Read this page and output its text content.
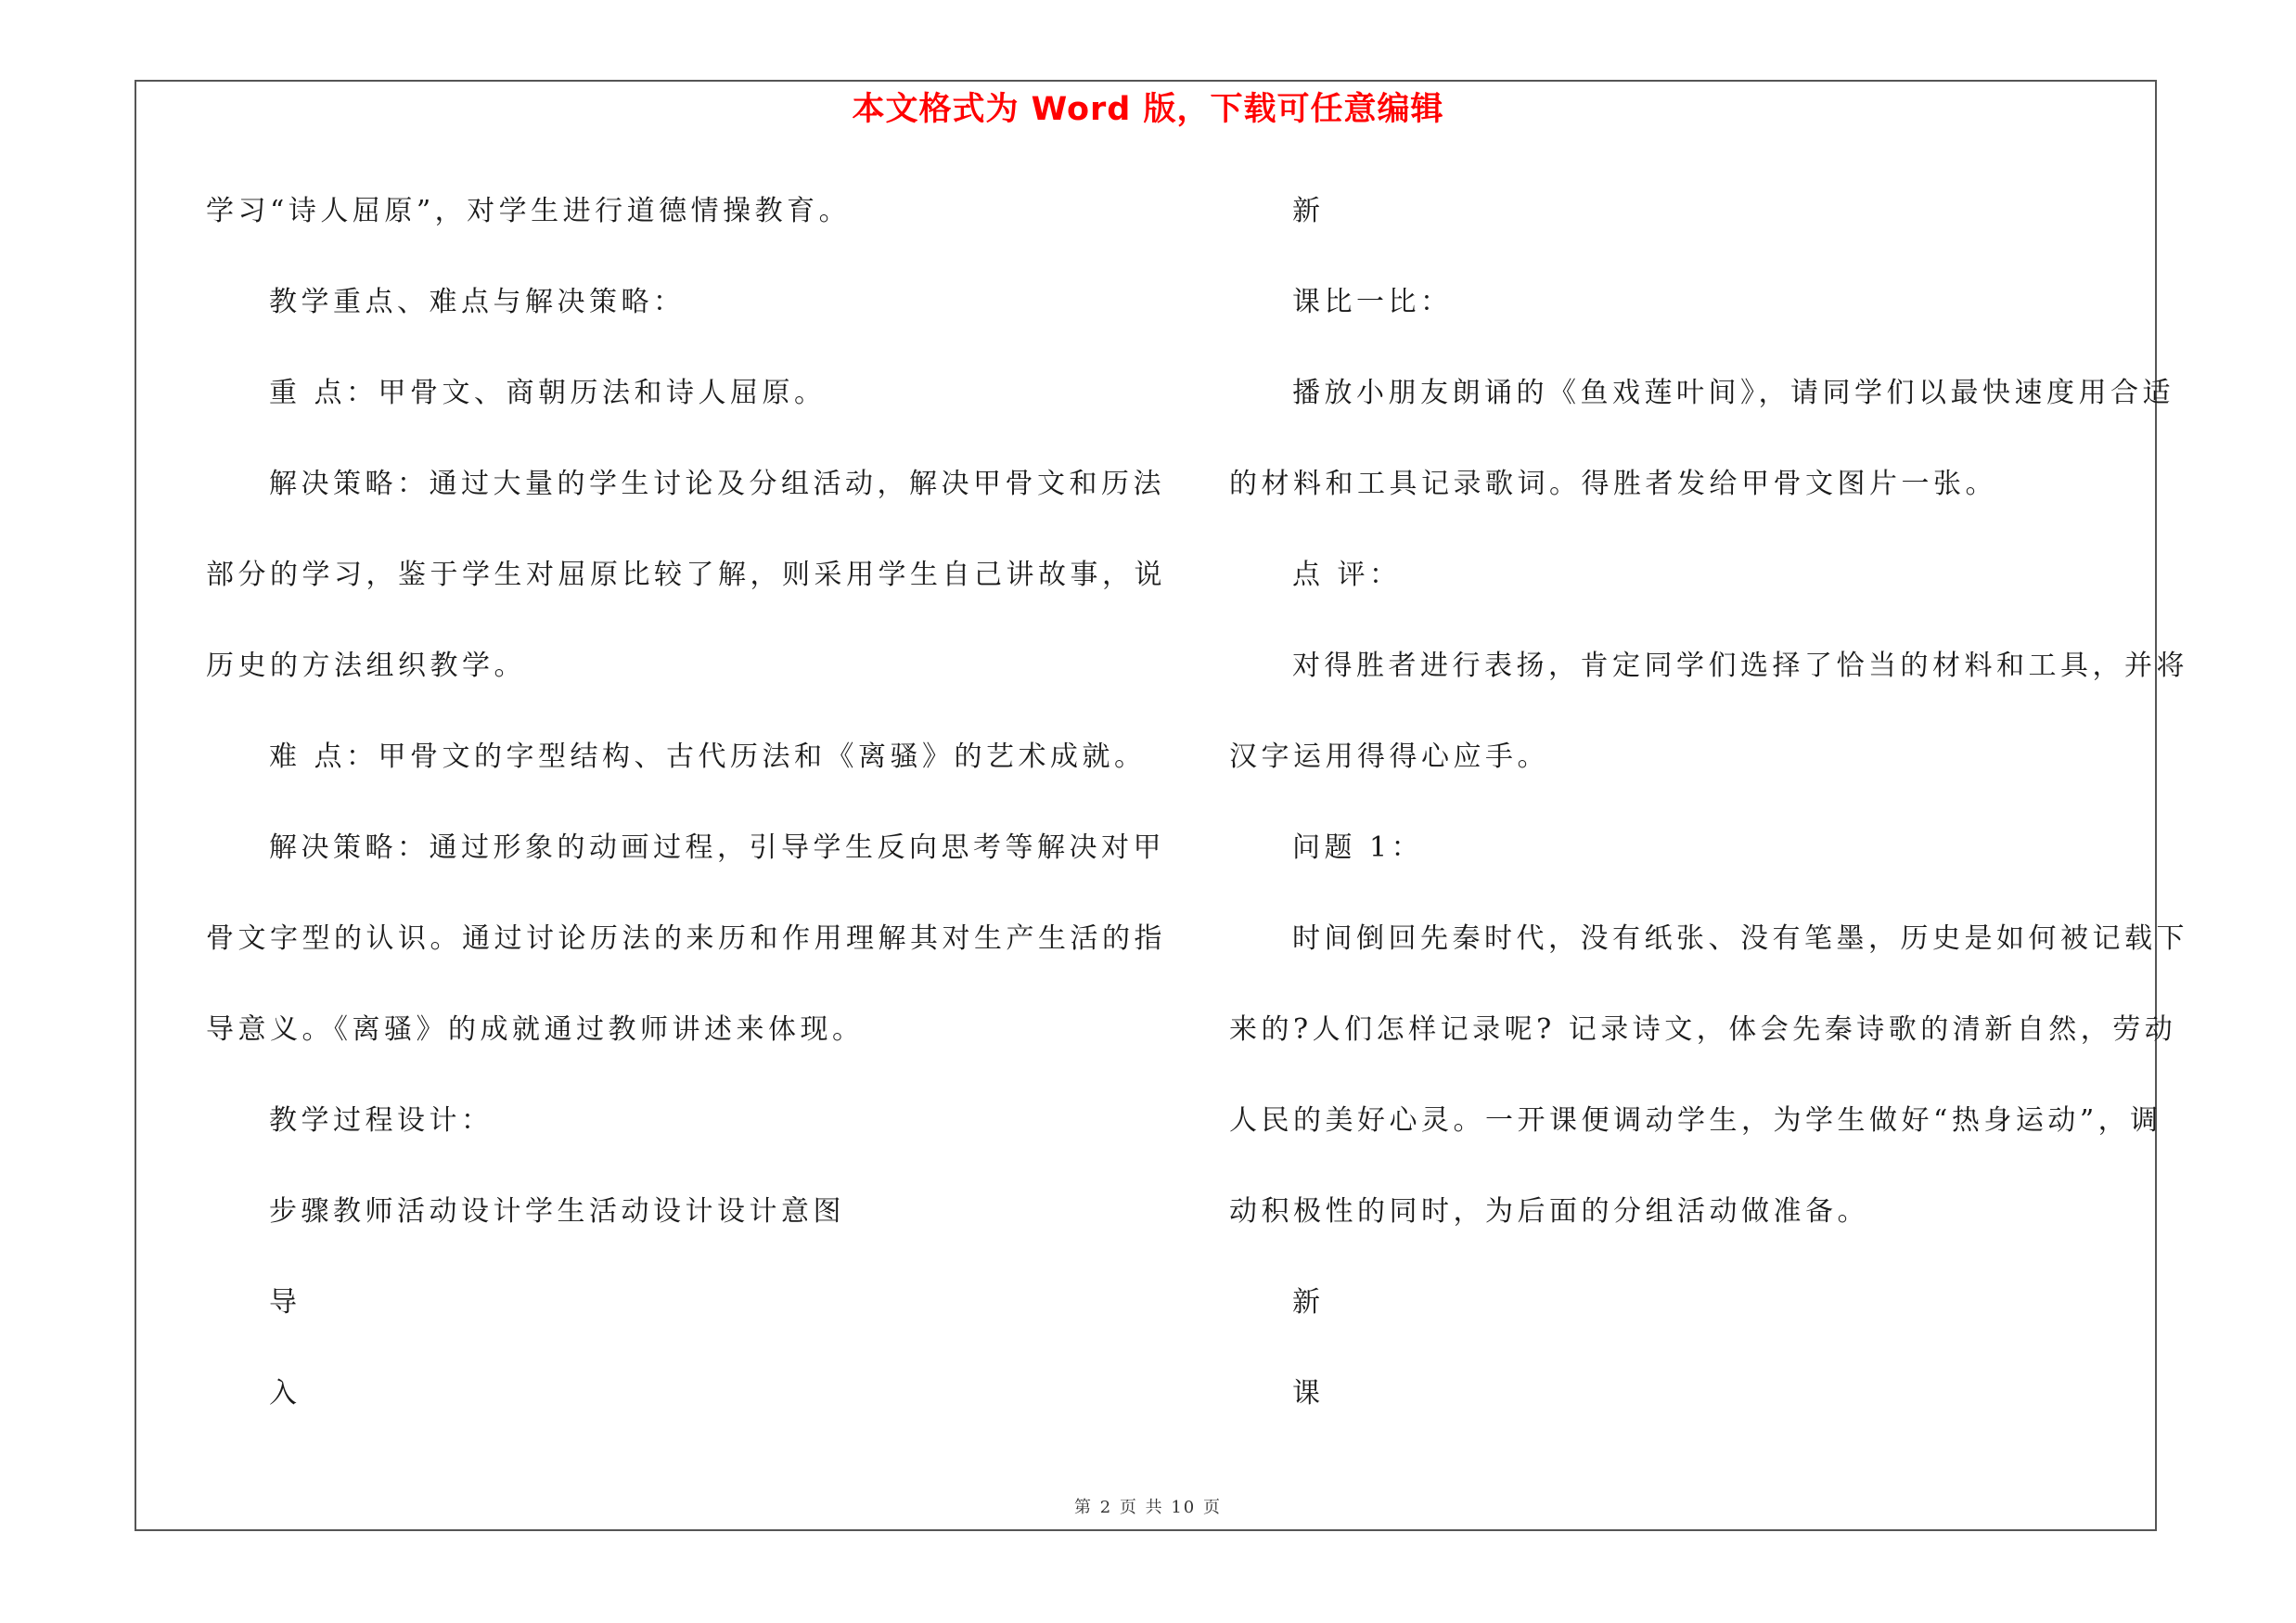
本文格式为 Word 版，下载可任意编辑
学习“诗人屈原”，对学生进行道德情操教育。
教学重点、难点与解决策略：
重 点：甲骨文、商朝历法和诗人屈原。
解决策略：通过大量的学生讨论及分组活动，解决甲骨文和历法
部分的学习，鉴于学生对屈原比较了解，则采用学生自己讲故事，说
历史的方法组织教学。
难 点：甲骨文的字型结构、古代历法和《离骚》的艺术成就。
解决策略：通过形象的动画过程，引导学生反向思考等解决对甲
骨文字型的认识。通过讨论历法的来历和作用理解其对生产生活的指
导意义。《离骚》的成就通过教师讲述来体现。
教学过程设计：
步骤教师活动设计学生活动设计设计意图
导
入
新
课比一比：
播放小朋友朗诵的《鱼戏莲叶间》，请同学们以最快速度用合适
的材料和工具记录歌词。得胜者发给甲骨文图片一张。
点 评：
对得胜者进行表扬，肯定同学们选择了恰当的材料和工具，并将
汉字运用得得心应手。
问题 1：
时间倒回先秦时代，没有纸张、没有笔墨，历史是如何被记载下
来的?人们怎样记录呢? 记录诗文，体会先秦诗歌的清新自然，劳动
人民的美好心灵。一开课便调动学生，为学生做好“热身运动”，调
动积极性的同时，为后面的分组活动做准备。
新
课
第 2 页 共 10 页
